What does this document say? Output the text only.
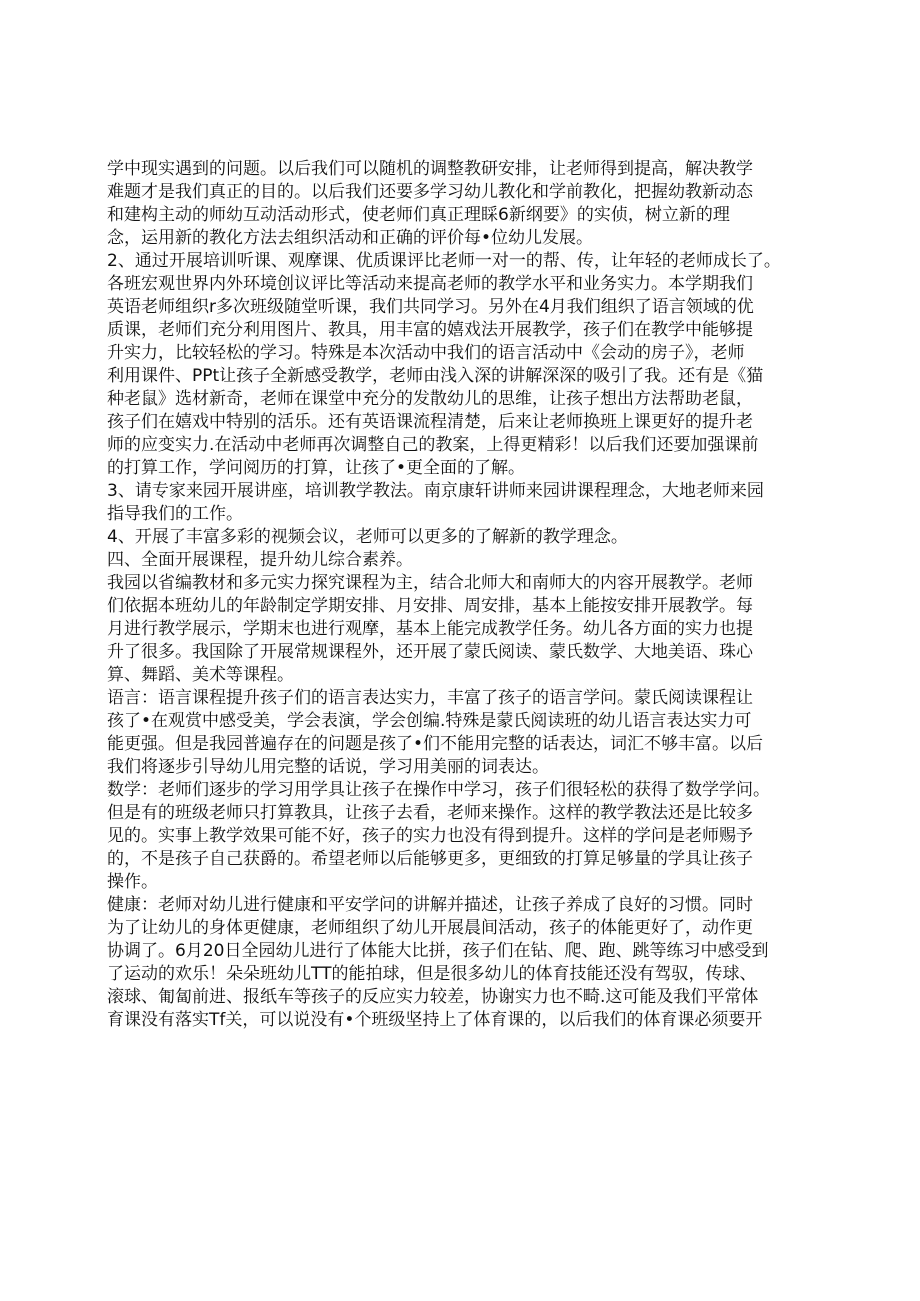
学中现实遇到的问题。以后我们可以随机的调整教研安排，让老师得到提高，解决教学
难题才是我们真正的目的。以后我们还要多学习幼儿教化和学前教化，把握幼教新动态
和建构主动的师幼互动活动形式，使老师们真正理睬6新纲要》的实侦，树立新的理
念，运用新的教化方法去组织活动和正确的评价每•位幼儿发展。
2、通过开展培训听课、观摩课、优质课评比老师一对一的帮、传，让年轻的老师成长了。
各班宏观世界内外环境创议评比等活动来提高老师的教学水平和业务实力。本学期我们
英语老师组织r多次班级随堂听课，我们共同学习。另外在4月我们组织了语言领域的优
质课，老师们充分利用图片、教具，用丰富的嬉戏法开展教学，孩子们在教学中能够提
升实力，比较轻松的学习。特殊是本次活动中我们的语言活动中《会动的房子》，老师
利用课件、PPt让孩子全新感受教学，老师由浅入深的讲解深深的吸引了我。还有是《猫
种老鼠》选材新奇，老师在课堂中充分的发散幼儿的思维，让孩子想出方法帮助老鼠，
孩子们在嬉戏中特别的活乐。还有英语课流程清楚，后来让老师换班上课更好的提升老
师的应变实力.在活动中老师再次调整自己的教案，上得更精彩！以后我们还要加强课前
的打算工作，学问阅历的打算，让孩了•更全面的了解。
3、请专家来园开展讲座，培训教学教法。南京康轩讲师来园讲课程理念，大地老师来园
指导我们的工作。
4、开展了丰富多彩的视频会议，老师可以更多的了解新的教学理念。
四、全面开展课程，提升幼儿综合素养。
我园以省编教材和多元实力探究课程为主，结合北师大和南师大的内容开展教学。老师
们依据本班幼儿的年龄制定学期安排、月安排、周安排，基本上能按安排开展教学。每
月进行教学展示，学期末也进行观摩，基本上能完成教学任务。幼儿各方面的实力也提
升了很多。我国除了开展常规课程外，还开展了蒙氏阅读、蒙氏数学、大地美语、珠心
算、舞蹈、美术等课程。
语言：语言课程提升孩子们的语言表达实力，丰富了孩子的语言学问。蒙氏阅读课程让
孩了•在观赏中感受美，学会表演，学会创编.特殊是蒙氏阅读班的幼儿语言表达实力可
能更强。但是我园普遍存在的问题是孩了•们不能用完整的话表达，词汇不够丰富。以后
我们将逐步引导幼儿用完整的话说，学习用美丽的词表达。
数学：老师们逐步的学习用学具让孩子在操作中学习，孩子们很轻松的获得了数学学问。
但是有的班级老师只打算教具，让孩子去看，老师来操作。这样的教学教法还是比较多
见的。实事上教学效果可能不好，孩子的实力也没有得到提升。这样的学问是老师赐予
的，不是孩子自己获爵的。希望老师以后能够更多，更细致的打算足够量的学具让孩子
操作。
健康：老师对幼儿进行健康和平安学问的讲解并描述，让孩子养成了良好的习惯。同时
为了让幼儿的身体更健康，老师组织了幼儿开展晨间活动，孩子的体能更好了，动作更
协调了。6月20日全园幼儿进行了体能大比拼，孩子们在钻、爬、跑、跳等练习中感受到
了运动的欢乐！朵朵班幼儿TT的能拍球，但是很多幼儿的体育技能还没有驾驭，传球、
滚球、匍匐前进、报纸车等孩子的反应实力较差，协谢实力也不畸.这可能及我们平常体
育课没有落实Tf关，可以说没有•个班级坚持上了体育课的，以后我们的体育课必须要开
